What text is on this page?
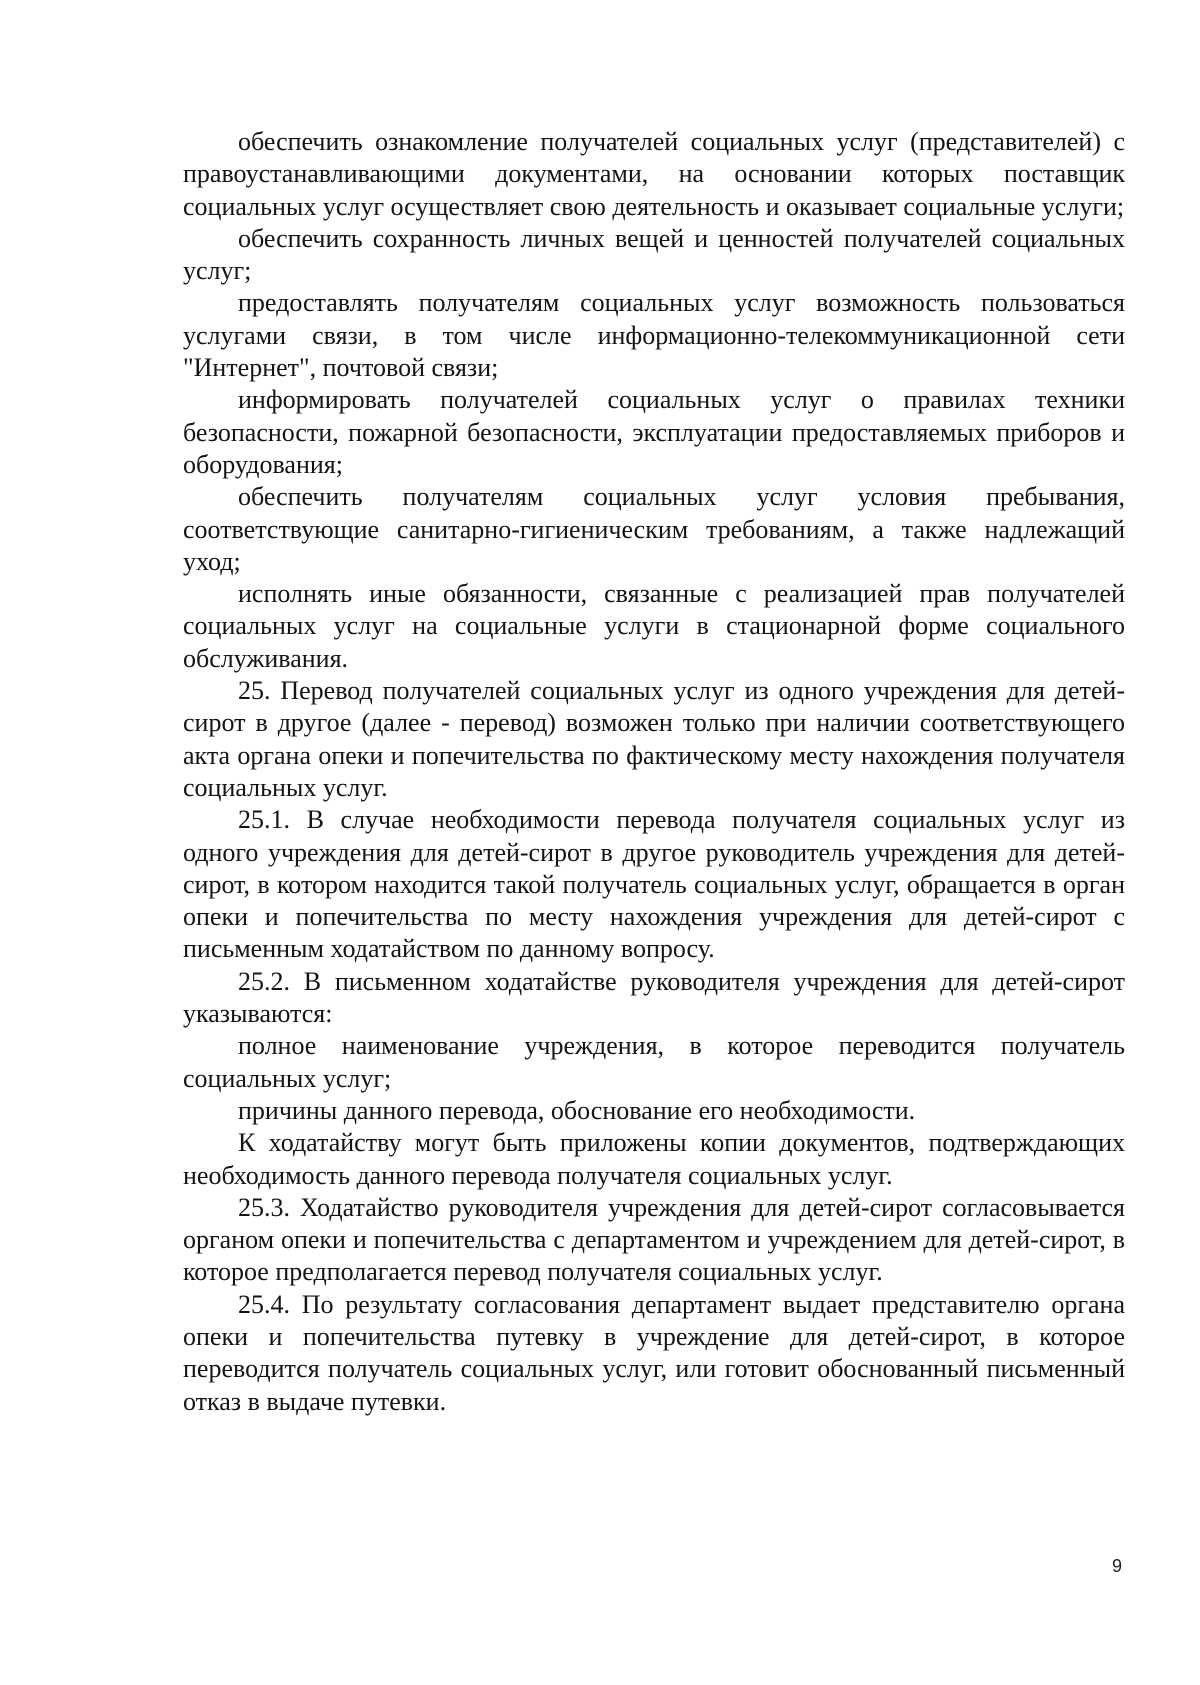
обеспечить ознакомление получателей социальных услуг (представителей) с правоустанавливающими документами, на основании которых поставщик социальных услуг осуществляет свою деятельность и оказывает социальные услуги;

обеспечить сохранность личных вещей и ценностей получателей социальных услуг;

предоставлять получателям социальных услуг возможность пользоваться услугами связи, в том числе информационно-телекоммуникационной сети "Интернет", почтовой связи;

информировать получателей социальных услуг о правилах техники безопасности, пожарной безопасности, эксплуатации предоставляемых приборов и оборудования;

обеспечить получателям социальных услуг условия пребывания, соответствующие санитарно-гигиеническим требованиям, а также надлежащий уход;

исполнять иные обязанности, связанные с реализацией прав получателей социальных услуг на социальные услуги в стационарной форме социального обслуживания.

25. Перевод получателей социальных услуг из одного учреждения для детей-сирот в другое (далее - перевод) возможен только при наличии соответствующего акта органа опеки и попечительства по фактическому месту нахождения получателя социальных услуг.

25.1. В случае необходимости перевода получателя социальных услуг из одного учреждения для детей-сирот в другое руководитель учреждения для детей-сирот, в котором находится такой получатель социальных услуг, обращается в орган опеки и попечительства по месту нахождения учреждения для детей-сирот с письменным ходатайством по данному вопросу.

25.2. В письменном ходатайстве руководителя учреждения для детей-сирот указываются:

полное наименование учреждения, в которое переводится получатель социальных услуг;

причины данного перевода, обоснование его необходимости.

К ходатайству могут быть приложены копии документов, подтверждающих необходимость данного перевода получателя социальных услуг.

25.3. Ходатайство руководителя учреждения для детей-сирот согласовывается органом опеки и попечительства с департаментом и учреждением для детей-сирот, в которое предполагается перевод получателя социальных услуг.

25.4. По результату согласования департамент выдает представителю органа опеки и попечительства путевку в учреждение для детей-сирот, в которое переводится получатель социальных услуг, или готовит обоснованный письменный отказ в выдаче путевки.

9
